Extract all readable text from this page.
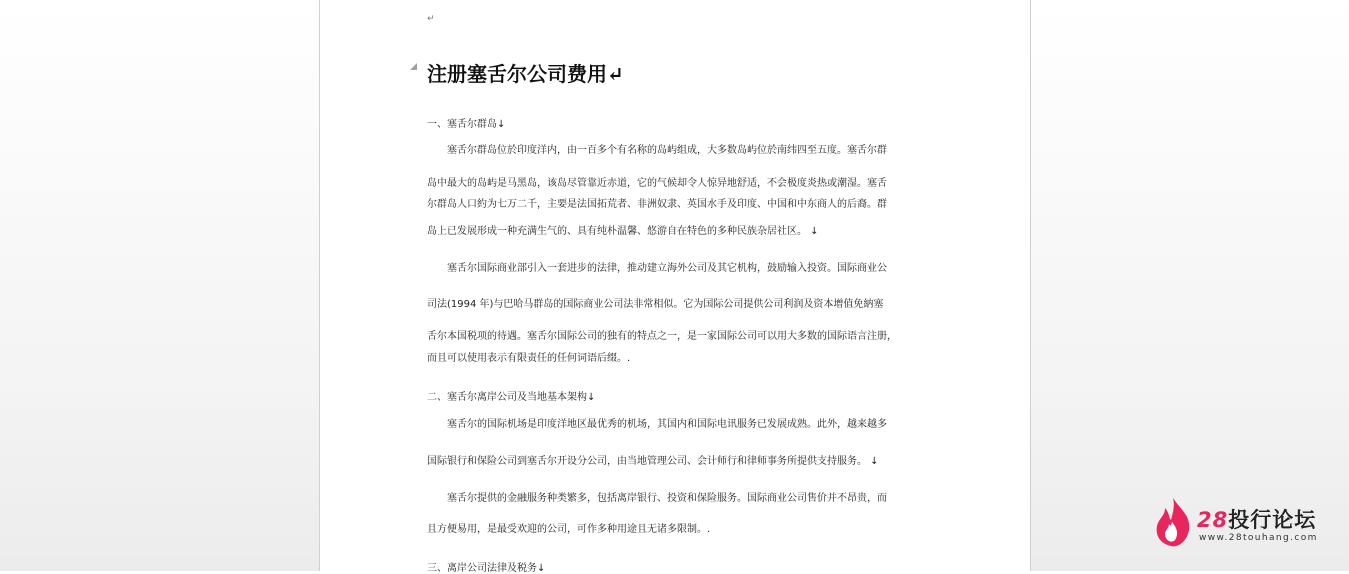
↵
注册塞舌尔公司费用↵
一、塞舌尔群岛↓
塞舌尔群岛位於印度洋内，由一百多个有名称的岛屿组成，大多数岛屿位於南纬四至五度。塞舌尔群
岛中最大的岛屿是马黑岛，该岛尽管靠近赤道，它的气候却令人惊异地舒适，不会极度炎热或潮湿。塞舌
尔群岛人口約为七万二千，主要是法国拓荒者、非洲奴隶、英国水手及印度、中国和中东商人的后裔。群
岛上已发展形成一种充满生气的、具有纯朴温馨、悠游自在特色的多种民族杂居社区。 ↓
塞舌尔国际商业部引入一套进步的法律，推动建立海外公司及其它机构，鼓励输入投资。国际商业公
司法(1994 年)与巴哈马群岛的国际商业公司法非常相似。它为国际公司提供公司利润及资本增值免納塞
舌尔本国税项的待遇。塞舌尔国际公司的独有的特点之一，是一家国际公司可以用大多数的国际语言注册，
而且可以使用表示有限责任的任何词语后缀。.
二、塞舌尔离岸公司及当地基本架构↓
塞舌尔的国际机场是印度洋地区最优秀的机场，其国内和国际电讯服务已发展成熟。此外，越来越多
国际银行和保险公司到塞舌尔开设分公司，由当地管理公司、会计师行和律师事务所提供支持服务。 ↓
塞舌尔提供的金融服务种类繁多，包括离岸银行、投资和保险服务。国际商业公司售价并不昂贵，而
且方便易用，是最受欢迎的公司，可作多种用途且无诸多限制。.
三、离岸公司法律及税务↓
28投行论坛
www.28touhang.com
